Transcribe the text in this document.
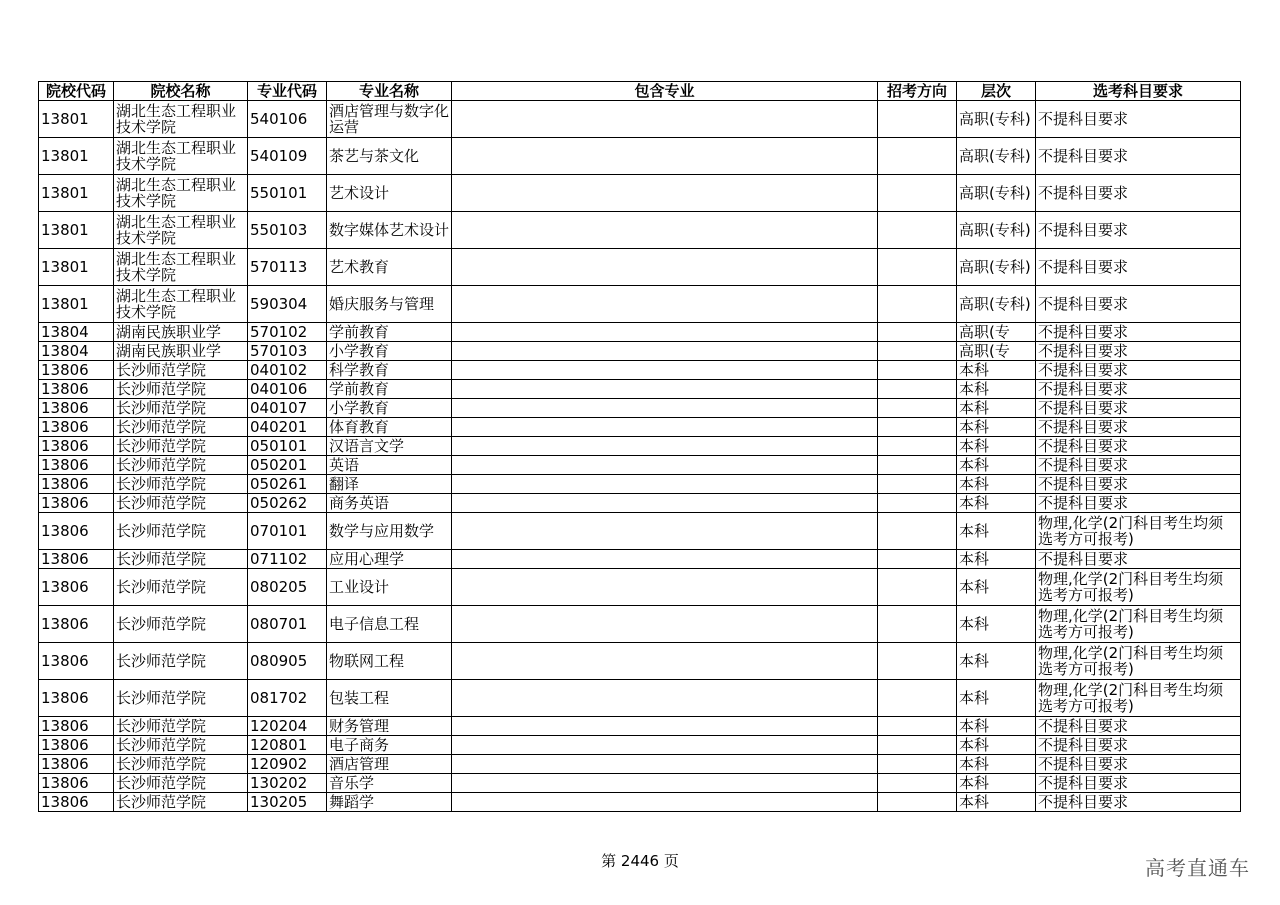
院校代码	院校名称	专业代码	专业名称	包含专业	招考方向	层次	选考科目要求
13801	湖北生态工程职业技术学院	540106	酒店管理与数字化运营			高职(专科)	不提科目要求
13801	湖北生态工程职业技术学院	540109	茶艺与茶文化			高职(专科)	不提科目要求
13801	湖北生态工程职业技术学院	550101	艺术设计			高职(专科)	不提科目要求
13801	湖北生态工程职业技术学院	550103	数字媒体艺术设计			高职(专科)	不提科目要求
13801	湖北生态工程职业技术学院	570113	艺术教育			高职(专科)	不提科目要求
13801	湖北生态工程职业技术学院	590304	婚庆服务与管理			高职(专科)	不提科目要求
13804	湖南民族职业学	570102	学前教育			高职(专	不提科目要求
13804	湖南民族职业学	570103	小学教育			高职(专	不提科目要求
13806	长沙师范学院	040102	科学教育			本科	不提科目要求
13806	长沙师范学院	040106	学前教育			本科	不提科目要求
13806	长沙师范学院	040107	小学教育			本科	不提科目要求
13806	长沙师范学院	040201	体育教育			本科	不提科目要求
13806	长沙师范学院	050101	汉语言文学			本科	不提科目要求
13806	长沙师范学院	050201	英语			本科	不提科目要求
13806	长沙师范学院	050261	翻译			本科	不提科目要求
13806	长沙师范学院	050262	商务英语			本科	不提科目要求
13806	长沙师范学院	070101	数学与应用数学			本科	物理,化学(2门科目考生均须选考方可报考)
13806	长沙师范学院	071102	应用心理学			本科	不提科目要求
13806	长沙师范学院	080205	工业设计			本科	物理,化学(2门科目考生均须选考方可报考)
13806	长沙师范学院	080701	电子信息工程			本科	物理,化学(2门科目考生均须选考方可报考)
13806	长沙师范学院	080905	物联网工程			本科	物理,化学(2门科目考生均须选考方可报考)
13806	长沙师范学院	081702	包装工程			本科	物理,化学(2门科目考生均须选考方可报考)
13806	长沙师范学院	120204	财务管理			本科	不提科目要求
13806	长沙师范学院	120801	电子商务			本科	不提科目要求
13806	长沙师范学院	120902	酒店管理			本科	不提科目要求
13806	长沙师范学院	130202	音乐学			本科	不提科目要求
13806	长沙师范学院	130205	舞蹈学			本科	不提科目要求
第 2446 页	高考直通车
